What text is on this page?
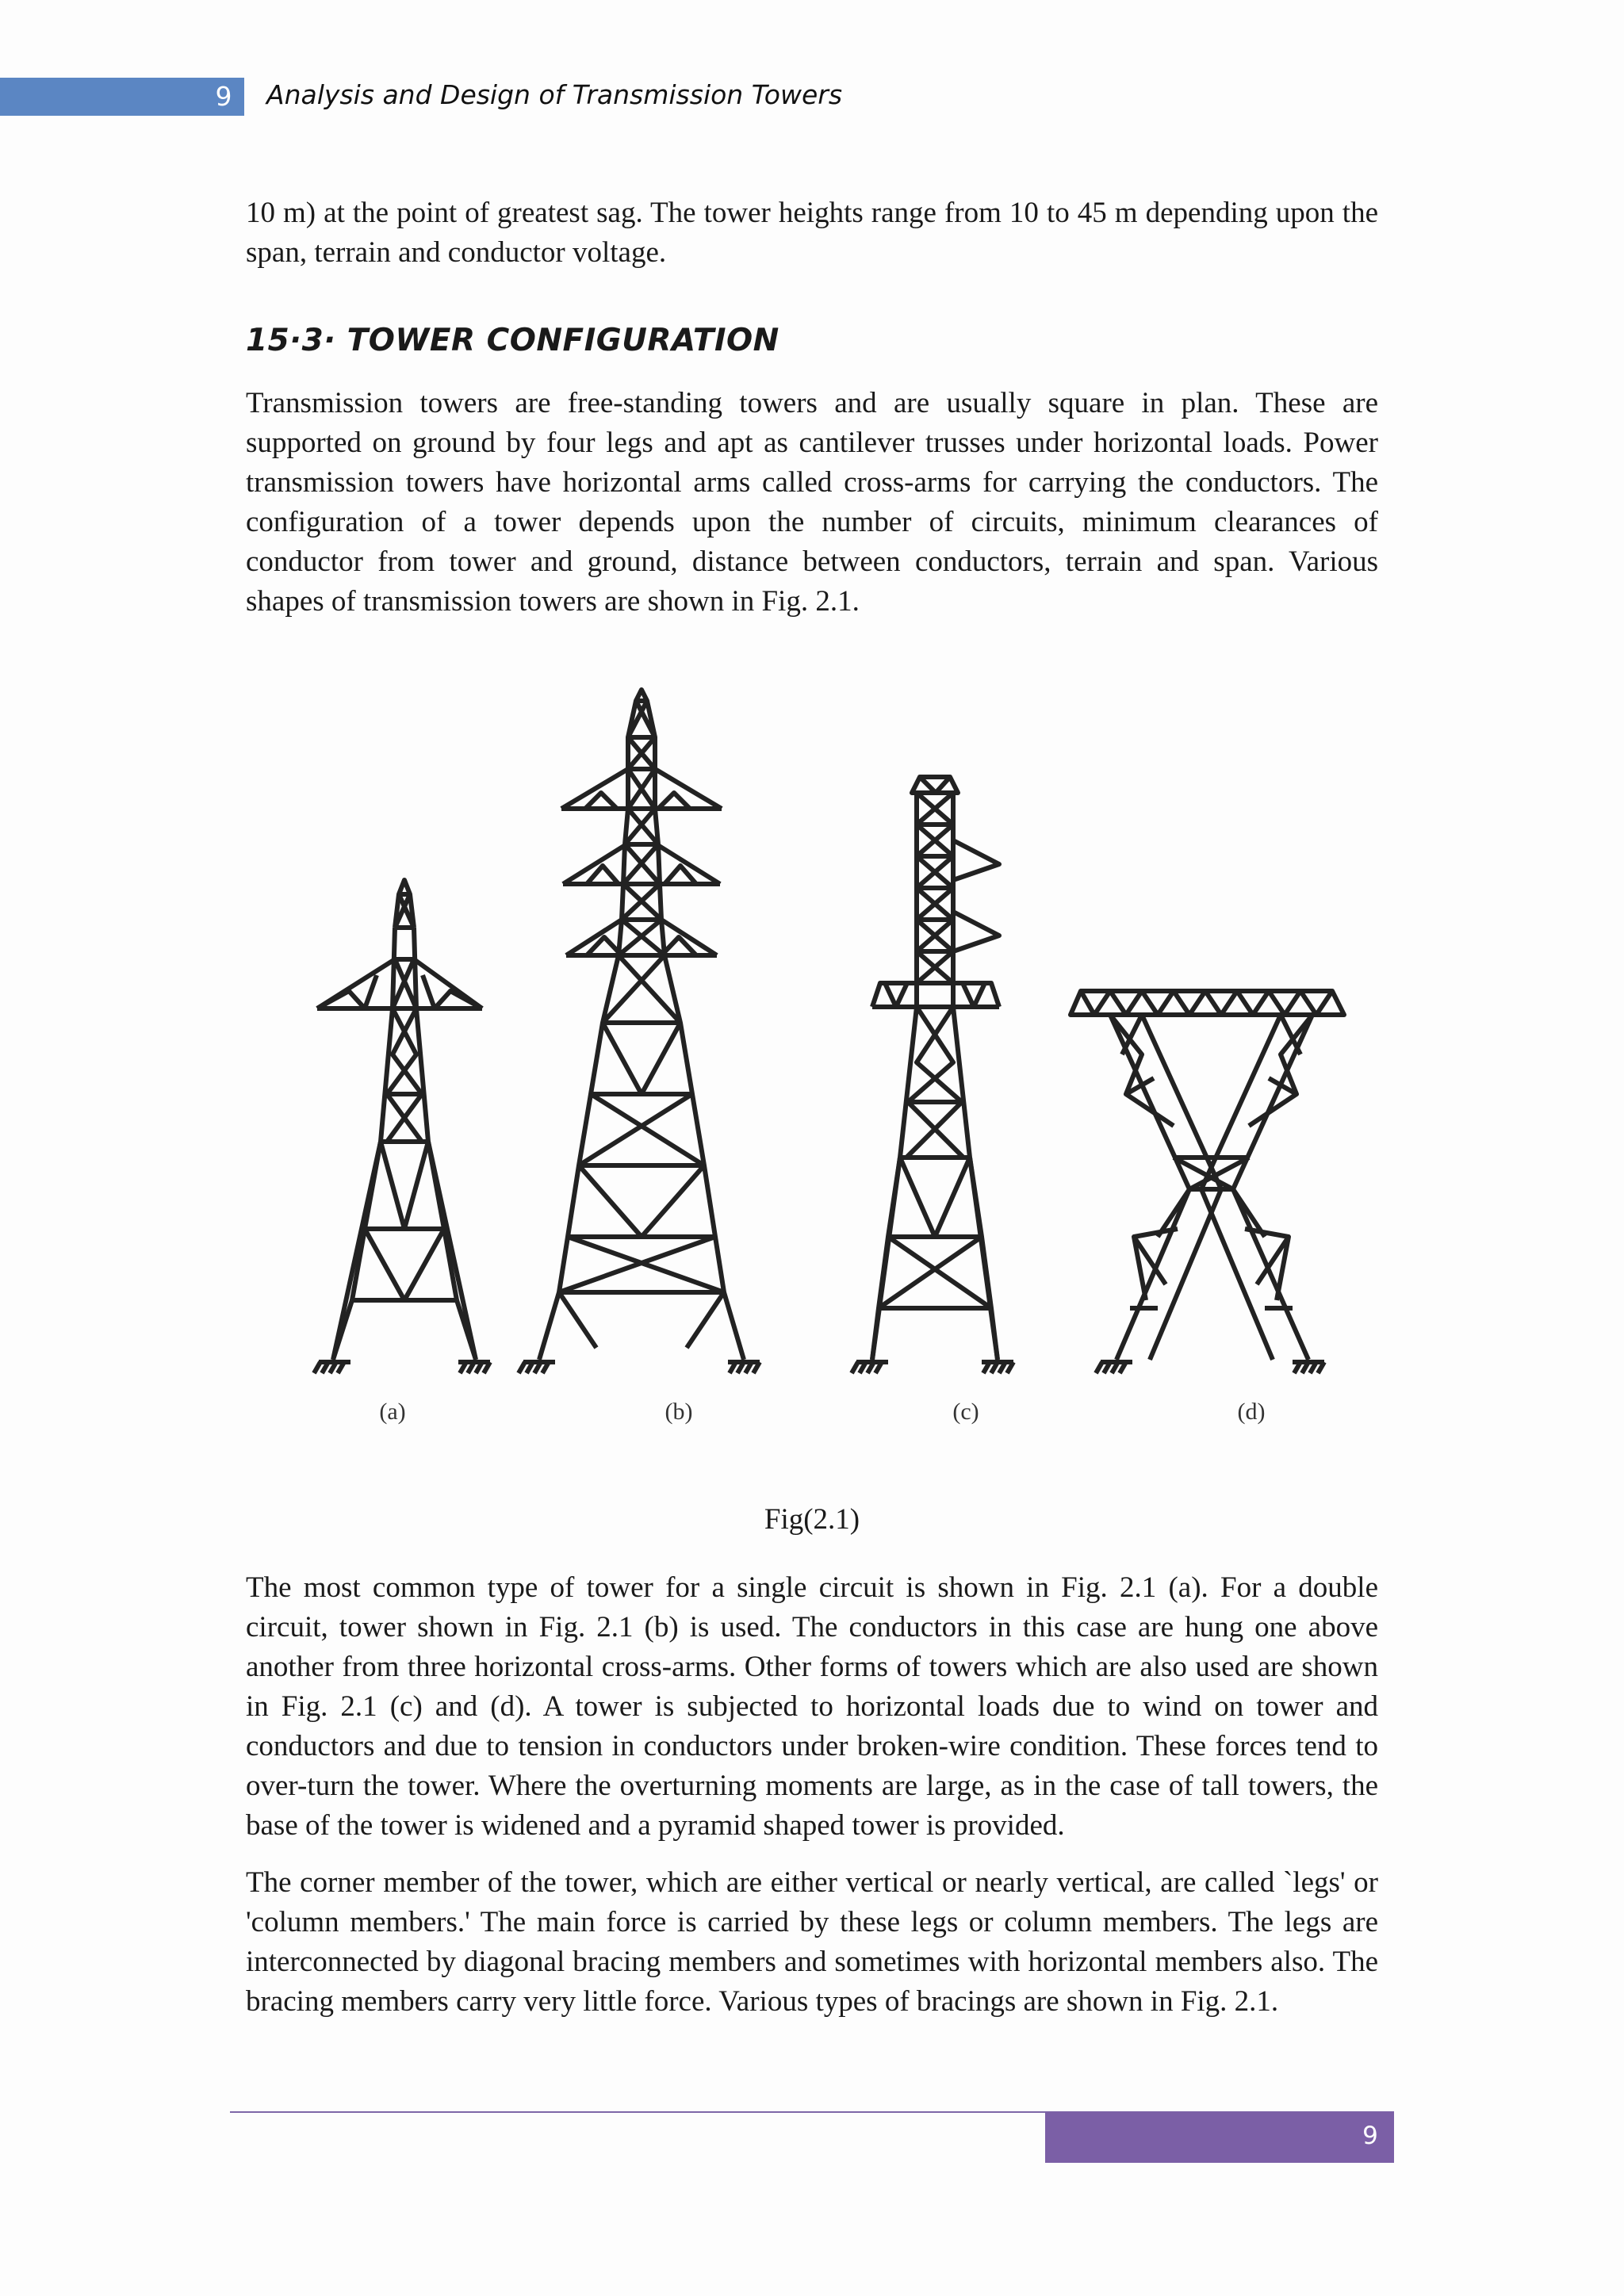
9 Analysis and Design of Transmission Towers

10 m) at the point of greatest sag. The tower heights range from 10 to 45 m depending upon the span, terrain and conductor voltage.

15·3· TOWER CONFIGURATION

Transmission towers are free-standing towers and are usually square in plan. These are supported on ground by four legs and apt as cantilever trusses under horizontal loads. Power transmission towers have horizontal arms called cross-arms for carrying the conductors. The configuration of a tower depends upon the number of circuits, minimum clearances of conductor from tower and ground, distance between conductors, terrain and span. Various shapes of transmission towers are shown in Fig. 2.1.

(a)	(b)	(c)	(d)
Fig(2.1)

The most common type of tower for a single circuit is shown in Fig. 2.1 (a). For a double circuit, tower shown in Fig. 2.1 (b) is used. The conductors in this case are hung one above another from three horizontal cross-arms. Other forms of towers which are also used are shown in Fig. 2.1 (c) and (d). A tower is subjected to horizontal loads due to wind on tower and conductors and due to tension in conductors under broken-wire condition. These forces tend to over-turn the tower. Where the overturning moments are large, as in the case of tall towers, the base of the tower is widened and a pyramid shaped tower is provided.

The corner member of the tower, which are either vertical or nearly vertical, are called `legs' or 'column members.' The main force is carried by these legs or column members. The legs are interconnected by diagonal bracing members and sometimes with horizontal members also. The bracing members carry very little force. Various types of bracings are shown in Fig. 2.1.

9
